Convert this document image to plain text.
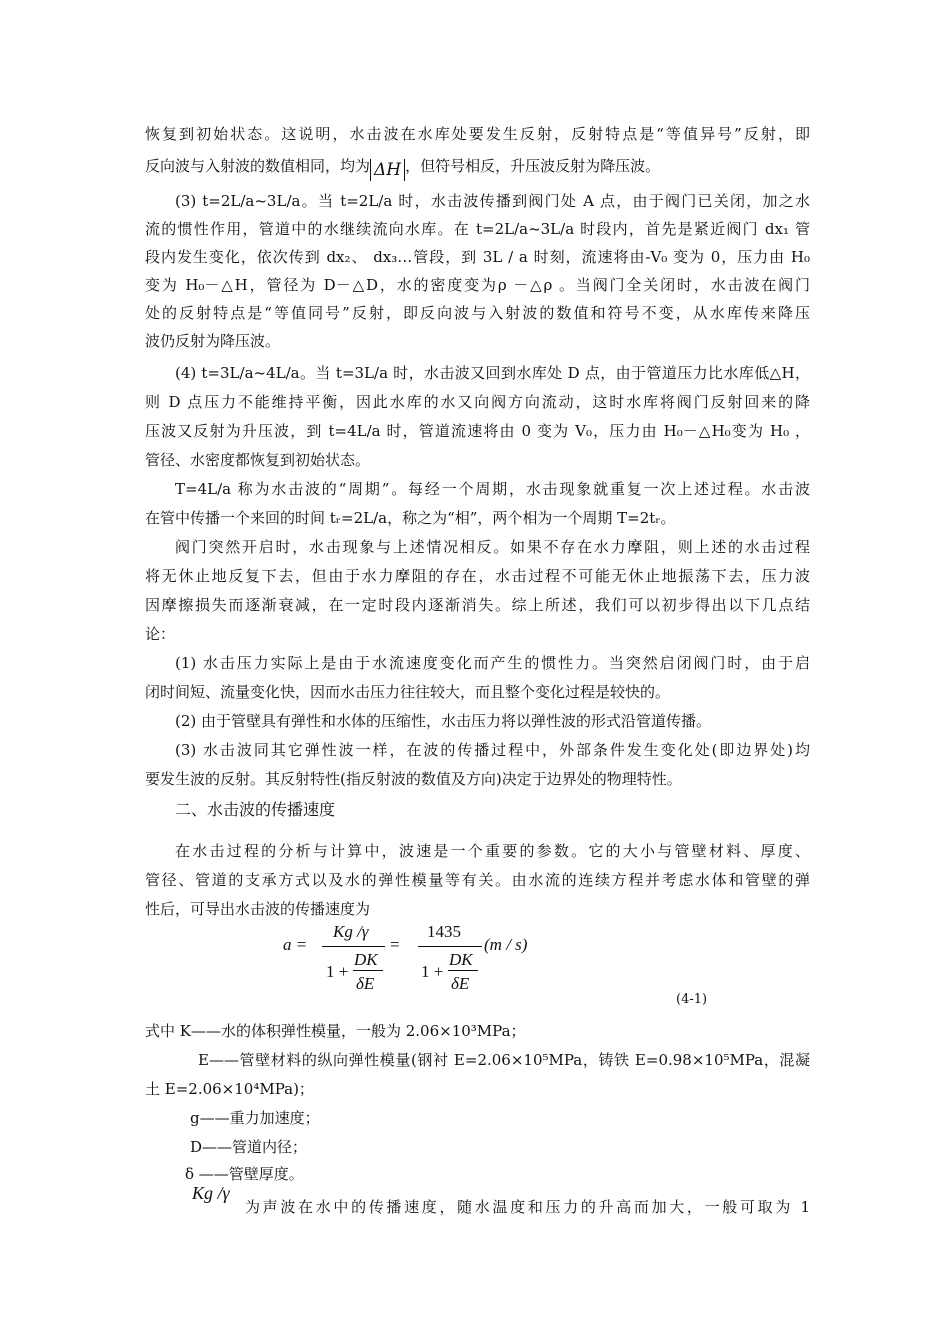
恢复到初始状态。这说明，水击波在水库处要发生反射，反射特点是“等值异号”反射，即
反向波与入射波的数值相同，均为 ΔH ，但符号相反，升压波反射为降压波。
(3) t=2L/a~3L/a。当 t=2L/a 时，水击波传播到阀门处 A 点，由于阀门已关闭，加之水
流的惯性作用，管道中的水继续流向水库。在 t=2L/a~3L/a 时段内，首先是紧近阀门 dx₁ 管
段内发生变化，依次传到 dx₂、 dx₃…管段，到 3L / a 时刻，流速将由-V₀ 变为 0，压力由 H₀
变为 H₀－△H，管径为 D－△D，水的密度变为ρ －△ρ 。当阀门全关闭时，水击波在阀门
处的反射特点是“等值同号”反射，即反向波与入射波的数值和符号不变，从水库传来降压
波仍反射为降压波。
(4) t=3L/a~4L/a。当 t=3L/a 时，水击波又回到水库处 D 点，由于管道压力比水库低△H，
则 D 点压力不能维持平衡，因此水库的水又向阀方向流动，这时水库将阀门反射回来的降
压波又反射为升压波，到 t=4L/a 时，管道流速将由 0 变为 V₀，压力由 H₀－△H₀变为 H₀ ，
管径、水密度都恢复到初始状态。
T=4L/a 称为水击波的“周期”。每经一个周期，水击现象就重复一次上述过程。水击波
在管中传播一个来回的时间 tᵣ=2L/a，称之为“相”，两个相为一个周期 T=2tᵣ。
阀门突然开启时，水击现象与上述情况相反。如果不存在水力摩阻，则上述的水击过程
将无休止地反复下去，但由于水力摩阻的存在，水击过程不可能无休止地振荡下去，压力波
因摩擦损失而逐渐衰减，在一定时段内逐渐消失。综上所述，我们可以初步得出以下几点结
论：
(1) 水击压力实际上是由于水流速度变化而产生的惯性力。当突然启闭阀门时，由于启
闭时间短、流量变化快，因而水击压力往往较大，而且整个变化过程是较快的。
(2) 由于管壁具有弹性和水体的压缩性，水击压力将以弹性波的形式沿管道传播。
(3) 水击波同其它弹性波一样，在波的传播过程中，外部条件发生变化处(即边界处)均
要发生波的反射。其反射特性(指反射波的数值及方向)决定于边界处的物理特性。
二、水击波的传播速度
在水击过程的分析与计算中，波速是一个重要的参数。它的大小与管壁材料、厚度、
管径、管道的支承方式以及水的弹性模量等有关。由水流的连续方程并考虑水体和管壁的弹
性后，可导出水击波的传播速度为
a =
Kg /γ
1 +
DK
δE
=
1435
1 +
DK
δE
(m / s)
(4-1)
式中 K——水的体积弹性模量，一般为 2.06×10³MPa；
E——管壁材料的纵向弹性模量(钢衬 E=2.06×10⁵MPa，铸铁 E=0.98×10⁵MPa，混凝
土 E=2.06×10⁴MPa)；
g——重力加速度；
D——管道内径；
δ ——管壁厚度。
Kg /γ
为声波在水中的传播速度，随水温度和压力的升高而加大，一般可取为 1
